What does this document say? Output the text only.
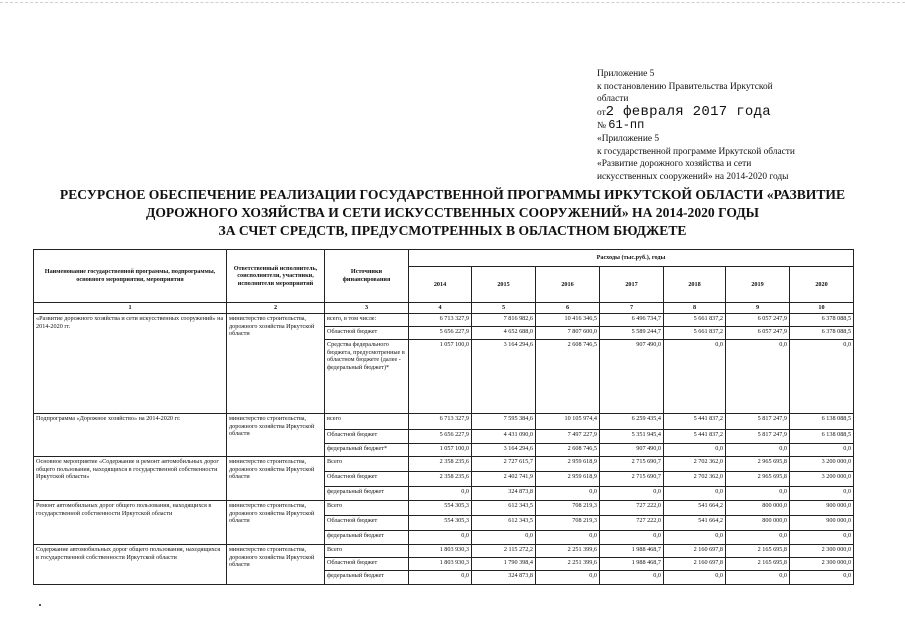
Приложение 5
к постановлению Правительства Иркутской
области
от2 февраля 2017 года
№ 61-пп
«Приложение 5
к государственной программе Иркутской области
«Развитие дорожного хозяйства и сети
искусственных сооружений» на 2014-2020 годы
РЕСУРСНОЕ ОБЕСПЕЧЕНИЕ РЕАЛИЗАЦИИ ГОСУДАРСТВЕННОЙ ПРОГРАММЫ ИРКУТСКОЙ ОБЛАСТИ «РАЗВИТИЕ
ДОРОЖНОГО ХОЗЯЙСТВА И СЕТИ ИСКУССТВЕННЫХ СООРУЖЕНИЙ» НА 2014-2020 ГОДЫ
ЗА СЧЕТ СРЕДСТВ, ПРЕДУСМОТРЕННЫХ В ОБЛАСТНОМ БЮДЖЕТЕ
Наименование государственной программы, подпрограммы, основного мероприятия, мероприятия	Ответственный исполнитель, соисполнители, участники, исполнители мероприятий	Источники финансирования	Расходы (тыс.руб.), годы						
			2014	2015	2016	2017	2018	2019	2020
1	2	3	4	5	6	7	8	9	10
«Развитие дорожного хозяйства и сети искусственных сооружений» на 2014-2020 гг.	министерство строительства, дорожного хозяйства Иркутской области	всего, в том числе:	6 713 327,9	7 816 982,6	10 416 346,5	6 496 734,7	5 661 837,2	6 057 247,9	6 378 088,5
		Областной бюджет	5 656 227,9	4 652 688,0	7 807 600,0	5 589 244,7	5 661 837,2	6 057 247,9	6 378 088,5
		Средства федерального бюджета, предусмотренные в областном бюджете (далее - федеральный бюджет)*	1 057 100,0	3 164 294,6	2 608 746,5	907 490,0	0,0	0,0	0,0
Подпрограмма «Дорожное хозяйство» на 2014-2020 гг.	министерство строительства, дорожного хозяйства Иркутской области	всего	6 713 327,9	7 595 384,6	10 105 974,4	6 259 435,4	5 441 837,2	5 817 247,9	6 138 088,5
		Областной бюджет	5 656 227,9	4 431 090,0	7 497 227,9	5 351 945,4	5 441 837,2	5 817 247,9	6 138 088,5
		федеральный бюджет*	1 057 100,0	3 164 294,6	2 608 746,5	907 490,0	0,0	0,0	0,0
Основное мероприятие «Содержание и ремонт автомобильных дорог общего пользования, находящихся в государственной собственности Иркутской области»	министерство строительства, дорожного хозяйства Иркутской области	Всего	2 358 235,6	2 727 615,7	2 959 618,9	2 715 690,7	2 702 362,0	2 965 695,8	3 200 000,0
		Областной бюджет	2 358 235,6	2 402 741,9	2 959 618,9	2 715 690,7	2 702 362,0	2 965 695,8	3 200 000,0
		федеральный бюджет	0,0	324 873,8	0,0	0,0	0,0	0,0	0,0
Ремонт автомобильных дорог общего пользования, находящихся в государственной собственности Иркутской области	министерство строительства, дорожного хозяйства Иркутской области	Всего	554 305,3	612 343,5	708 219,3	727 222,0	541 664,2	800 000,0	900 000,0
		Областной бюджет	554 305,3	612 343,5	708 219,3	727 222,0	541 664,2	800 000,0	900 000,0
		федеральный бюджет	0,0	0,0	0,0	0,0	0,0	0,0	0,0
Содержание автомобильных дорог общего пользования, находящихся в государственной собственности Иркутской области	министерство строительства, дорожного хозяйства Иркутской области	Всего	1 803 930,3	2 115 272,2	2 251 399,6	1 988 468,7	2 160 697,8	2 165 695,8	2 300 000,0
		Областной бюджет	1 803 930,3	1 790 398,4	2 251 399,6	1 988 468,7	2 160 697,8	2 165 695,8	2 300 000,0
		федеральный бюджет	0,0	324 873,8	0,0	0,0	0,0	0,0	0,0
